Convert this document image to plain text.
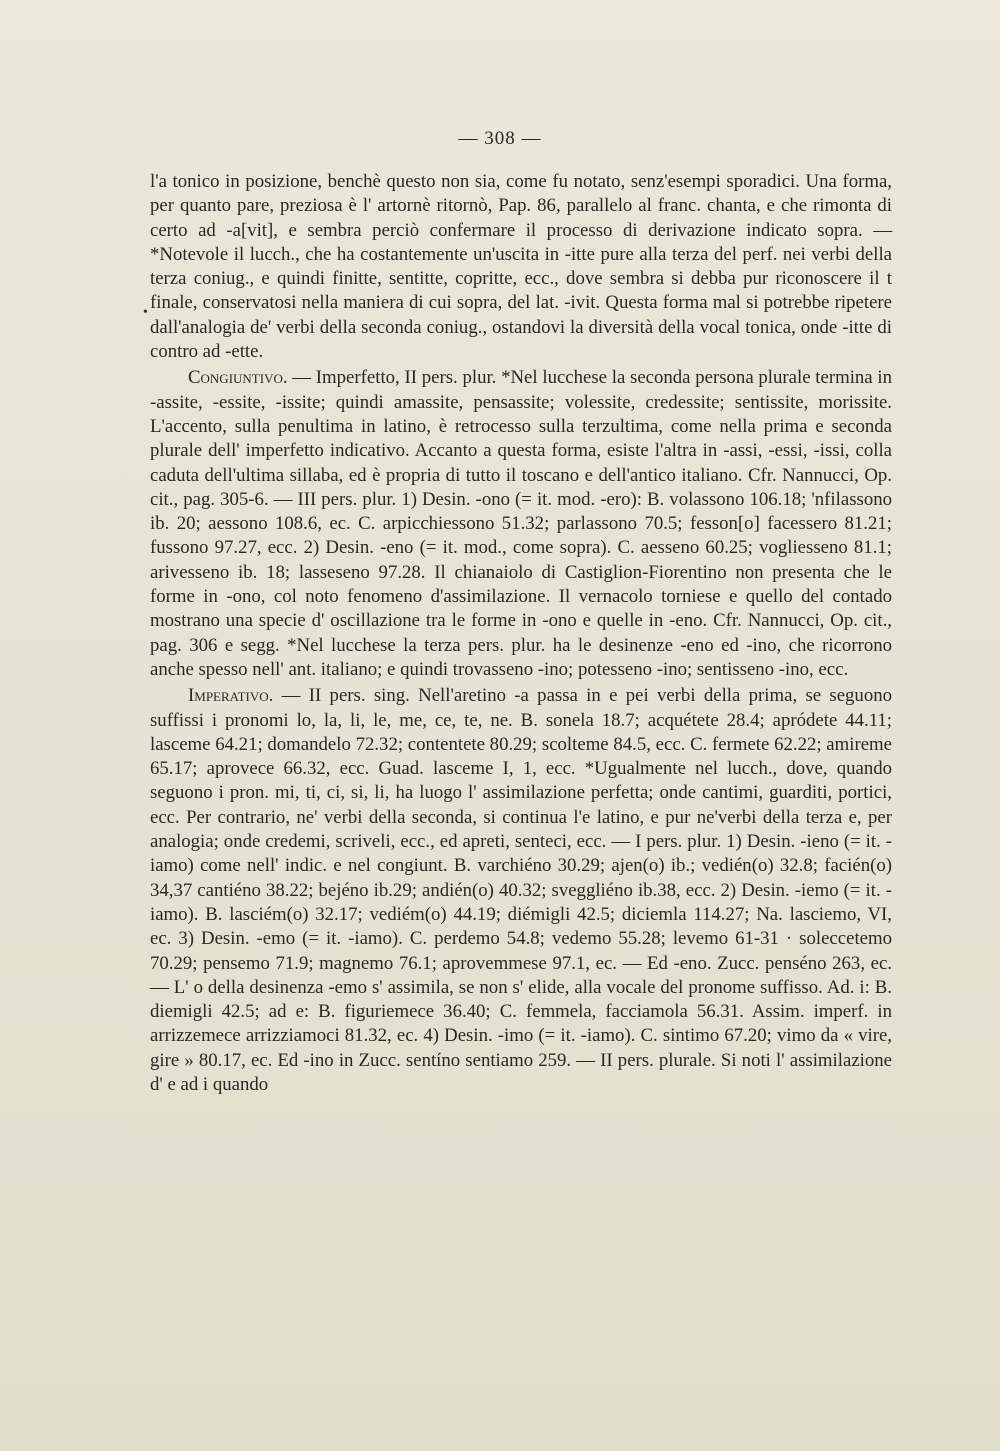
— 308 —
•

l'a tonico in posizione, benchè questo non sia, come fu notato, senz'esempi sporadici. Una forma, per quanto pare, preziosa è l' artornè ritornò, Pap. 86, parallelo al franc. chanta, e che rimonta di certo ad -a[vit], e sembra perciò confermare il processo di derivazione indicato sopra. — *Notevole il lucch., che ha costantemente un'uscita in -itte pure alla terza del perf. nei verbi della terza coniug., e quindi finitte, sentitte, copritte, ecc., dove sembra si debba pur riconoscere il t finale, conservatosi nella maniera di cui sopra, del lat. -ivit. Questa forma mal si potrebbe ripetere dall'analogia de' verbi della seconda coniug., ostandovi la diversità della vocal tonica, onde -itte di contro ad -ette.

Congiuntivo. — Imperfetto, II pers. plur. *Nel lucchese la seconda persona plurale termina in -assite, -essite, -issite; quindi amassite, pensassite; volessite, credessite; sentissite, morissite. L'accento, sulla penultima in latino, è retrocesso sulla terzultima, come nella prima e seconda plurale dell' imperfetto indicativo. Accanto a questa forma, esiste l'altra in -assi, -essi, -issi, colla caduta dell'ultima sillaba, ed è propria di tutto il toscano e dell'antico italiano. Cfr. Nannucci, Op. cit., pag. 305-6. — III pers. plur. 1) Desin. -ono (= it. mod. -ero): B. volassono 106.18; 'nfilassono ib. 20; aessono 108.6, ec. C. arpicchiessono 51.32; parlassono 70.5; fesson[o] facessero 81.21; fussono 97.27, ecc. 2) Desin. -eno (= it. mod., come sopra). C. aesseno 60.25; vogliesseno 81.1; arivesseno ib. 18; lasseseno 97.28. Il chianaiolo di Castiglion-Fiorentino non presenta che le forme in -ono, col noto fenomeno d'assimilazione. Il vernacolo torniese e quello del contado mostrano una specie d' oscillazione tra le forme in -ono e quelle in -eno. Cfr. Nannucci, Op. cit., pag. 306 e segg. *Nel lucchese la terza pers. plur. ha le desinenze -eno ed -ino, che ricorrono anche spesso nell' ant. italiano; e quindi trovasseno -ino; potesseno -ino; sentisseno -ino, ecc.

Imperativo. — II pers. sing. Nell'aretino -a passa in e pei verbi della prima, se seguono suffissi i pronomi lo, la, li, le, me, ce, te, ne. B. sonela 18.7; acquétete 28.4; apródete 44.11; lasceme 64.21; domandelo 72.32; contentete 80.29; scolteme 84.5, ecc. C. fermete 62.22; amireme 65.17; aprovece 66.32, ecc. Guad. lasceme I, 1, ecc. *Ugualmente nel lucch., dove, quando seguono i pron. mi, ti, ci, si, li, ha luogo l' assimilazione perfetta; onde cantimi, guarditi, portici, ecc. Per contrario, ne' verbi della seconda, si continua l'e latino, e pur ne'verbi della terza e, per analogia; onde credemi, scriveli, ecc., ed apreti, senteci, ecc. — I pers. plur. 1) Desin. -ieno (= it. -iamo) come nell' indic. e nel congiunt. B. varchiéno 30.29; ajen(o) ib.; vedién(o) 32.8; facién(o) 34,37 cantiéno 38.22; bejéno ib.29; andién(o) 40.32; sveggliéno ib.38, ecc. 2) Desin. -iemo (= it. -iamo). B. lasciém(o) 32.17; vediém(o) 44.19; diémigli 42.5; diciemla 114.27; Na. lasciemo, VI, ec. 3) Desin. -emo (= it. -iamo). C. perdemo 54.8; vedemo 55.28; levemo 61-31 · soleccetemo 70.29; pensemo 71.9; magnemo 76.1; aprovemmese 97.1, ec. — Ed -eno. Zucc. penséno 263, ec. — L' o della desinenza -emo s' assimila, se non s' elide, alla vocale del pronome suffisso. Ad. i: B. diemigli 42.5; ad e: B. figuriemece 36.40; C. femmela, facciamola 56.31. Assim. imperf. in arrizzemece arrizziamoci 81.32, ec. 4) Desin. -imo (= it. -iamo). C. sintimo 67.20; vimo da « vire, gire » 80.17, ec. Ed -ino in Zucc. sentíno sentiamo 259. — II pers. plurale. Si noti l' assimilazione d' e ad i quando
